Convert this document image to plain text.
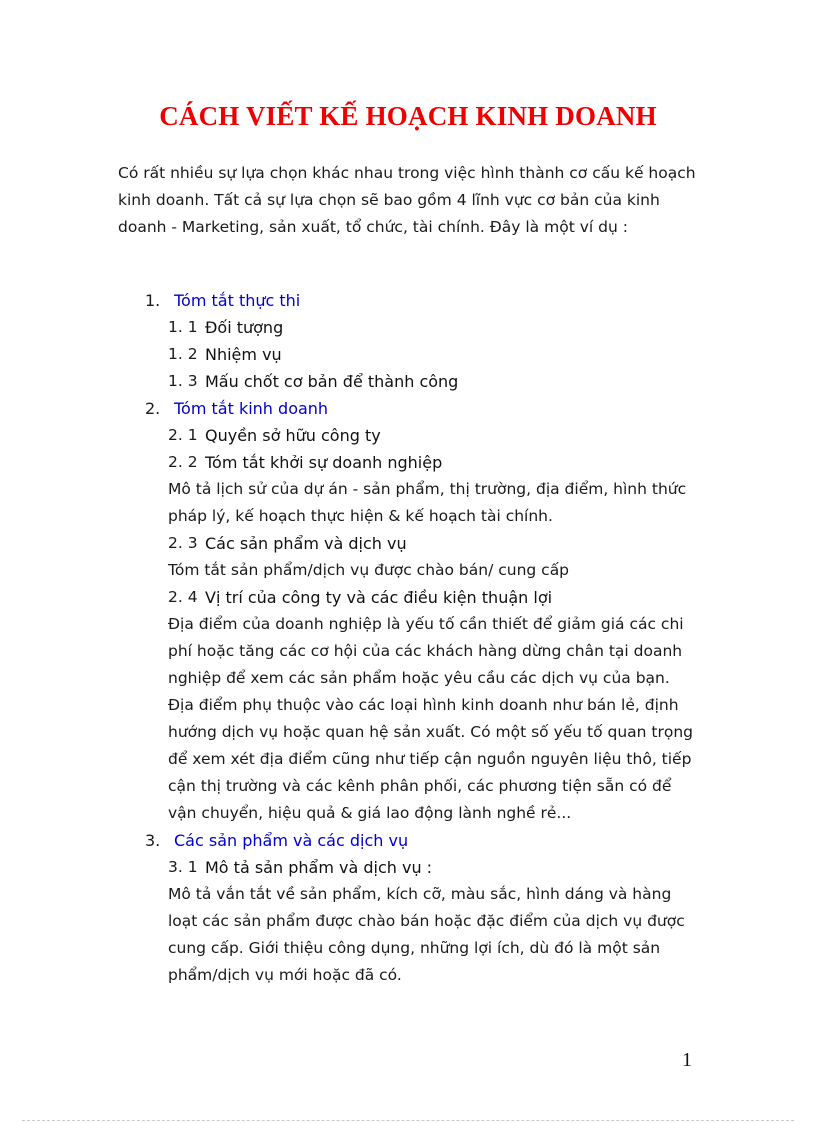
CÁCH VIẾT KẾ HOẠCH KINH DOANH

Có rất nhiều sự lựa chọn khác nhau trong việc hình thành cơ cấu kế hoạch kinh doanh. Tất cả sự lựa chọn sẽ bao gồm 4 lĩnh vực cơ bản của kinh doanh - Marketing, sản xuất, tổ chức, tài chính. Đây là một ví dụ :

1. Tóm tắt thực thi
1. 1 Đối tượng
1. 2 Nhiệm vụ
1. 3 Mấu chốt cơ bản để thành công
2. Tóm tắt kinh doanh
2. 1 Quyền sở hữu công ty
2. 2 Tóm tắt khởi sự doanh nghiệp

Mô tả lịch sử của dự án - sản phẩm, thị trường, địa điểm, hình thức pháp lý, kế hoạch thực hiện & kế hoạch tài chính.

2. 3 Các sản phẩm và dịch vụ

Tóm tắt sản phẩm/dịch vụ được chào bán/ cung cấp

2. 4 Vị trí của công ty và các điều kiện thuận lợi

Địa điểm của doanh nghiệp là yếu tố cần thiết để giảm giá các chi phí hoặc tăng các cơ hội của các khách hàng dừng chân tại doanh nghiệp để xem các sản phẩm hoặc yêu cầu các dịch vụ của bạn. Địa điểm phụ thuộc vào các loại hình kinh doanh như bán lẻ, định hướng dịch vụ hoặc quan hệ sản xuất. Có một số yếu tố quan trọng để xem xét địa điểm cũng như tiếp cận nguồn nguyên liệu thô, tiếp cận thị trường và các kênh phân phối, các phương tiện sẵn có để vận chuyển, hiệu quả & giá lao động lành nghề rẻ...

3. Các sản phẩm và các dịch vụ
3. 1 Mô tả sản phẩm và dịch vụ :

Mô tả vắn tắt về sản phẩm, kích cỡ, màu sắc, hình dáng và hàng loạt các sản phẩm được chào bán hoặc đặc điểm của dịch vụ được cung cấp. Giới thiệu công dụng, những lợi ích, dù đó là một sản phẩm/dịch vụ mới hoặc đã có.

1
